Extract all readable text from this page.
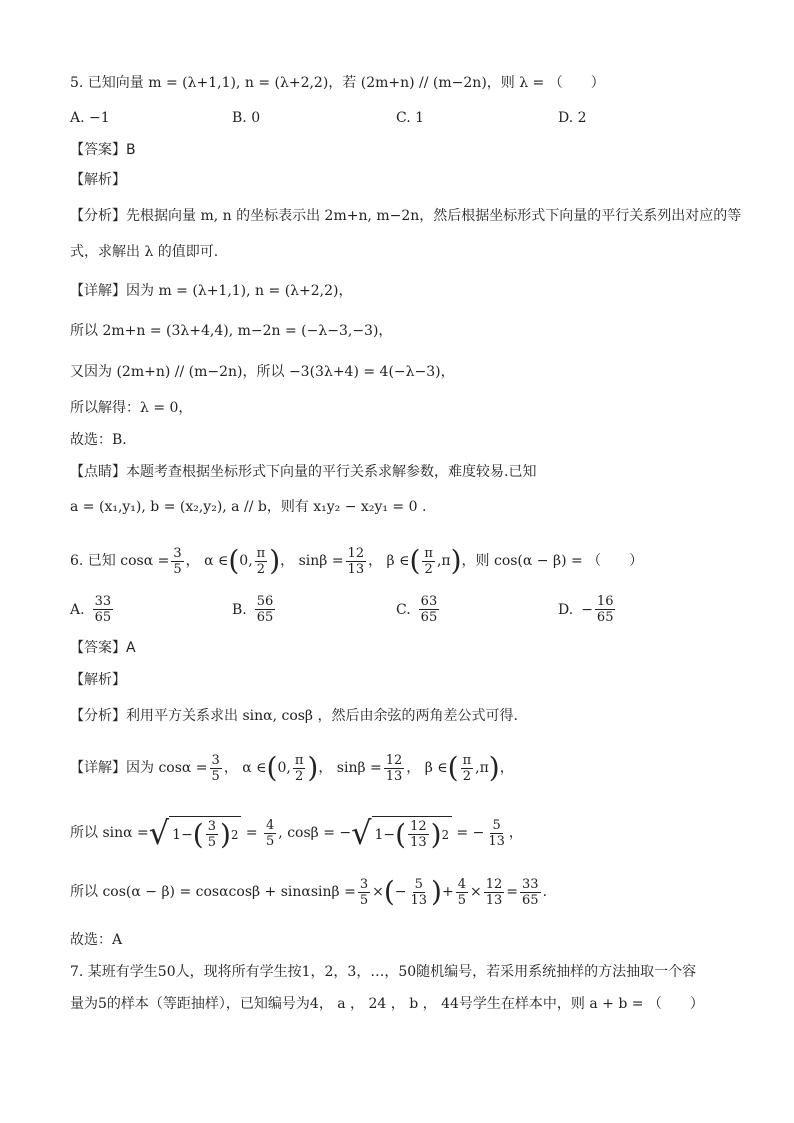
5. 已知向量 m = (λ+1,1), n = (λ+2,2)，若 (2m+n) // (m−2n)，则 λ = （　　）
A. −1	B. 0	C. 1	D. 2
【答案】B
【解析】
【分析】先根据向量 m, n 的坐标表示出 2m+n, m−2n，然后根据坐标形式下向量的平行关系列出对应的等
式，求解出 λ 的值即可.
【详解】因为 m = (λ+1,1), n = (λ+2,2)，
所以 2m+n = (3λ+4,4), m−2n = (−λ−3,−3)，
又因为 (2m+n) // (m−2n)，所以 −3(3λ+4) = 4(−λ−3)，
所以解得：λ = 0，
故选：B.
【点睛】本题考查根据坐标形式下向量的平行关系求解参数，难度较易.已知
a = (x₁,y₁), b = (x₂,y₂), a // b，则有 x₁y₂ − x₂y₁ = 0 .
6. 已知 $\cos\alpha = \frac{3}{5}$ ， α ∈ ( 0, $\frac{\pi}{2}$ ) ， $\sin\beta = \frac{12}{13}$ ， β ∈ ( $\frac{\pi}{2} ,\pi$ ) ，则 cos(α − β) = （　　）
A. $\frac{33}{65}$	B. $\frac{56}{65}$	C. $\frac{63}{65}$	D. − $\frac{16}{65}$
【答案】A
【解析】
【分析】利用平方关系求出 sinα, cosβ ，然后由余弦的两角差公式可得.
【详解】因为 $\cos\alpha = \frac{3}{5}$ ， α ∈ ( 0, $\frac{\pi}{2}$ ) ， $\sin\beta = \frac{12}{13}$ ， β ∈ ( $\frac{\pi}{2} ,\pi$ ) ，
所以 sinα = √ 1− ( $\frac{3}{5}$ ) $2 = \frac{4}{5}$ , cosβ = − √ 1− ( $\frac{12}{13}$ ) 2 = − $\frac{5}{13}$ ，
所以 $\cos(\alpha - \beta) = \cos\alpha\cos\beta + \sin\alpha\sin\beta = \frac{3}{5}$ × ( − $\frac{5}{13}$ ) + $\frac{4}{5} \times \frac{12}{13} = \frac{33}{65}$ .
故选：A
7. 某班有学生50人，现将所有学生按1，2，3，…，50随机编号，若采用系统抽样的方法抽取一个容
量为5的样本（等距抽样），已知编号为4， a ， 24 ， b ， 44号学生在样本中，则 a + b = （　　）
